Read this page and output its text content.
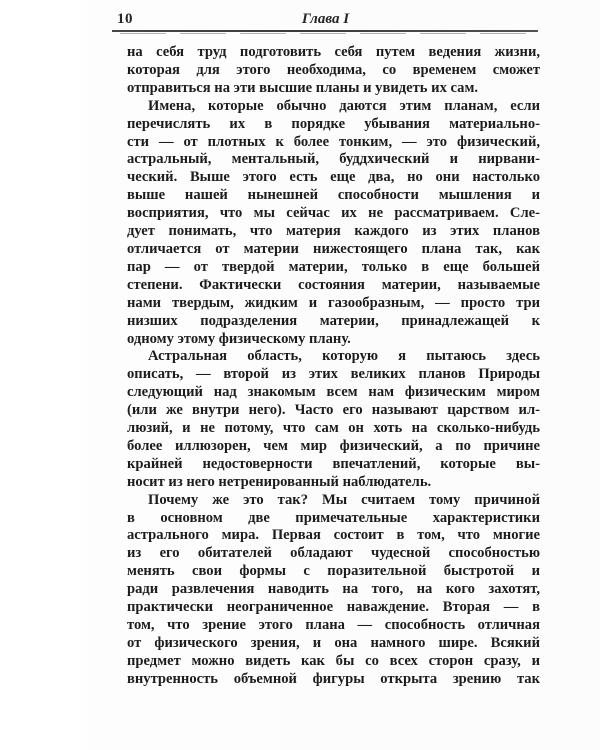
10	Глава I
на себя труд подготовить себя путем ведения жизни,
которая для этого необходима, со временем сможет
отправиться на эти высшие планы и увидеть их сам.
Имена, которые обычно даются этим планам, если
перечислять их в порядке убывания материально-
сти — от плотных к более тонким, — это физический,
астральный, ментальный, буддхический и нирвани-
ческий. Выше этого есть еще два, но они настолько
выше нашей нынешней способности мышления и
восприятия, что мы сейчас их не рассматриваем. Сле-
дует понимать, что материя каждого из этих планов
отличается от материи нижестоящего плана так, как
пар — от твердой материи, только в еще большей
степени. Фактически состояния материи, называемые
нами твердым, жидким и газообразным, — просто три
низших подразделения материи, принадлежащей к
одному этому физическому плану.
Астральная область, которую я пытаюсь здесь
описать, — второй из этих великих планов Природы
следующий над знакомым всем нам физическим миром
(или же внутри него). Часто его называют царством ил-
люзий, и не потому, что сам он хоть на сколько-нибудь
более иллюзорен, чем мир физический, а по причине
крайней недостоверности впечатлений, которые вы-
носит из него нетренированный наблюдатель.
Почему же это так? Мы считаем тому причиной
в основном две примечательные характеристики
астрального мира. Первая состоит в том, что многие
из его обитателей обладают чудесной способностью
менять свои формы с поразительной быстротой и
ради развлечения наводить на того, на кого захотят,
практически неограниченное наваждение. Вторая — в
том, что зрение этого плана — способность отличная
от физического зрения, и она намного шире. Всякий
предмет можно видеть как бы со всех сторон сразу, и
внутренность объемной фигуры открыта зрению так
